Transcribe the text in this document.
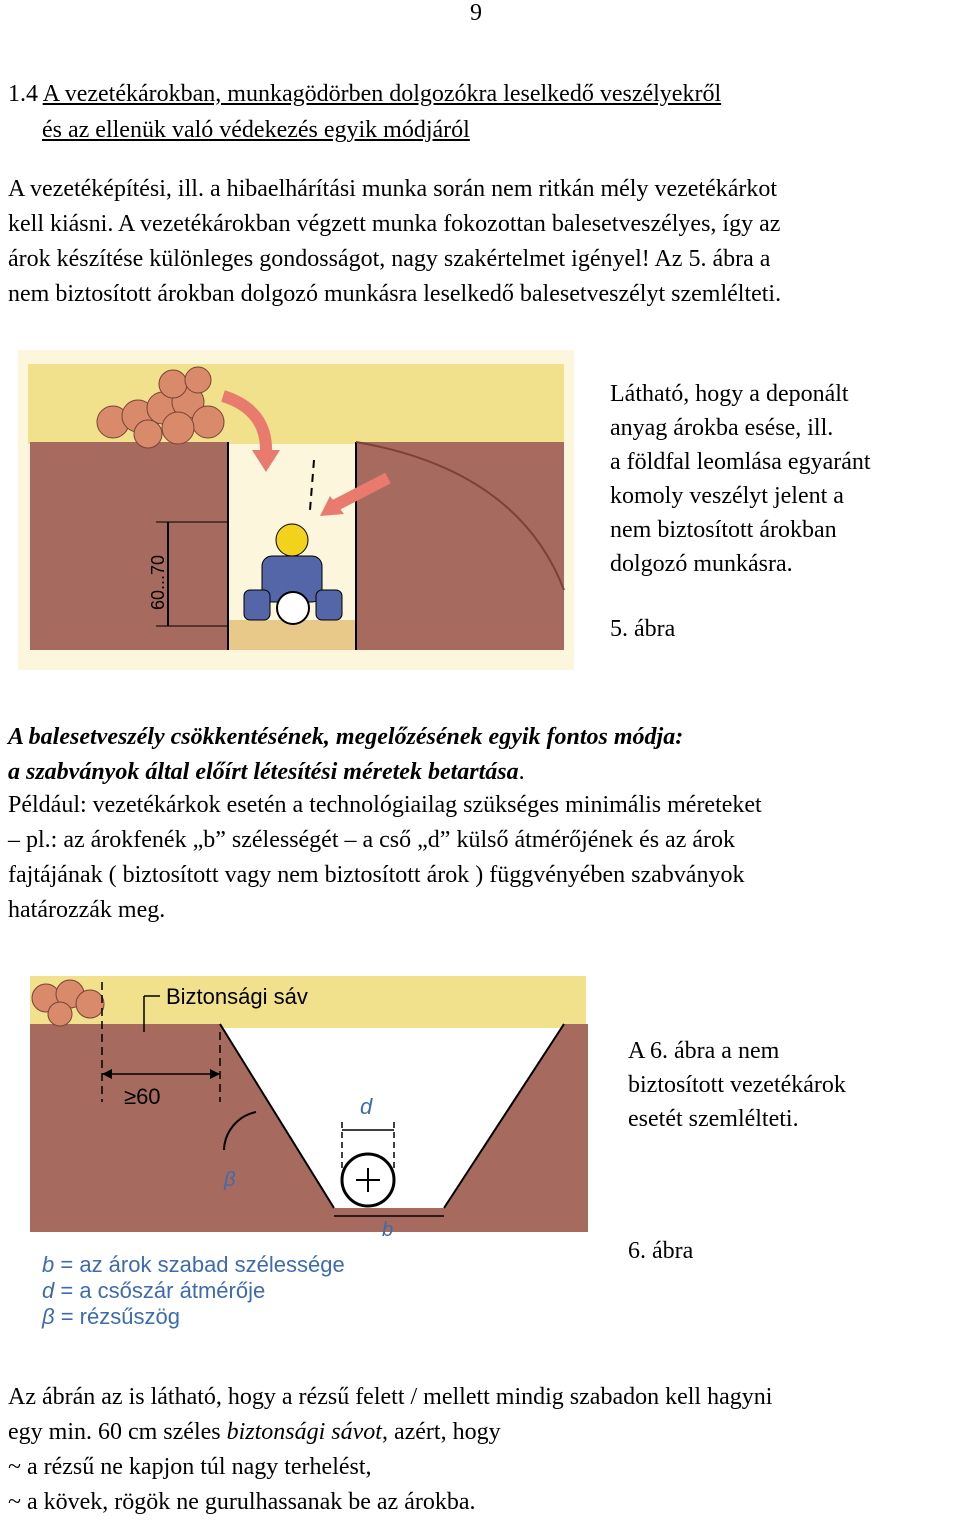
9
1.4 A vezetékárokban, munkagödörben dolgozókra leselkedő veszélyekről
és az ellenük való védekezés egyik módjáról
A vezetéképítési, ill. a hibaelhárítási munka során nem ritkán mély vezetékárkot
kell kiásni. A vezetékárokban végzett munka fokozottan balesetveszélyes, így az
árok készítése különleges gondosságot, nagy szakértelmet igényel! Az 5. ábra a
nem biztosított árokban dolgozó munkásra leselkedő balesetveszélyt szemlélteti.
60...70
Látható, hogy a deponált
anyag árokba esése, ill.
a földfal leomlása egyaránt
komoly veszélyt jelent a
nem biztosított árokban
dolgozó munkásra.
5. ábra
A balesetveszély csökkentésének, megelőzésének egyik fontos módja:
a szabványok által előírt létesítési méretek betartása.
Például: vezetékárkok esetén a technológiailag szükséges minimális méreteket
– pl.: az árokfenék „b” szélességét – a cső „d” külső átmérőjének és az árok
fajtájának ( biztosított vagy nem biztosított árok ) függvényében szabványok
határozzák meg.
Biztonsági sáv
≥60	d
b
β
b = az árok szabad szélessége
d = a csőszár átmérője
β = rézsűszög
A 6. ábra a nem
biztosított vezetékárok
esetét szemlélteti.
6. ábra
Az ábrán az is látható, hogy a rézsű felett / mellett mindig szabadon kell hagyni
egy min. 60 cm széles biztonsági sávot, azért, hogy
~ a rézsű ne kapjon túl nagy terhelést,
~ a kövek, rögök ne gurulhassanak be az árokba.
